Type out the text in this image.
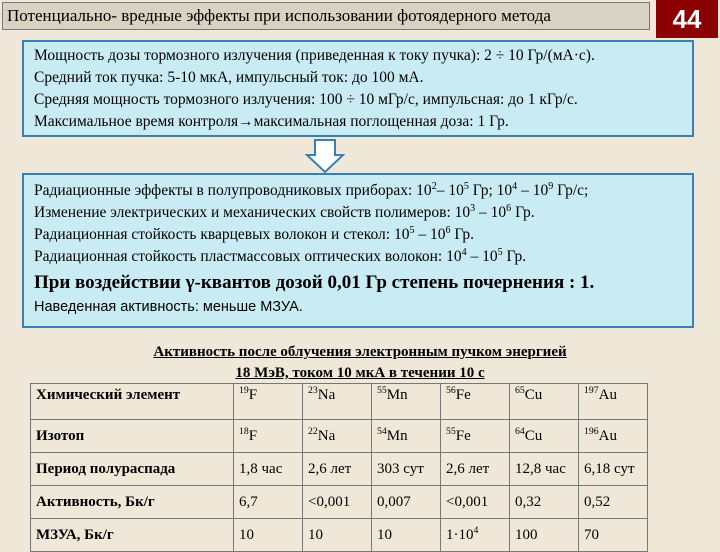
Потенциально- вредные эффекты при использовании фотоядерного метода	44
Мощность дозы тормозного излучения (приведенная к току пучка): 2 ÷ 10 Гр/(мА·с).
Средний ток пучка: 5-10 мкА, импульсный ток: до 100 мА.
Средняя мощность тормозного излучения: 100 ÷ 10 мГр/с, импульсная: до 1 кГр/с.
Максимальное время контроля→максимальная поглощенная доза: 1 Гр.
Радиационные эффекты в полупроводниковых приборах: $10^2-$ $10^5$ Гр; $10^4 - 10^9$ Гр/с;
Изменение электрических и механических свойств полимеров: $10^3 - 10^6$ Гр.
Радиационная стойкость кварцевых волокон и стекол: $10^5 - 10^6$ Гр.
Радиационная стойкость пластмассовых оптических волокон: $10^4 - 10^5$ Гр.
При воздействии γ-квантов дозой 0,01 Гр степень почернения : 1.
Наведенная активность: меньше МЗУА.
Активность после облучения электронным пучком энергией
18 МэВ, током 10 мкА в течении 10 с
Химический элемент	$^{19}$F	$^{23}$Na	$^{55}$Mn	$^{56}$Fe	$^{65}$Cu	$^{197}$Au
Изотоп	$^{18}$F	$^{22}$Na	$^{54}$Mn	$^{55}$Fe	$^{64}$Cu	$^{196}$Au
Период полураспада	1,8 час	2,6 лет	303 сут	2,6 лет	12,8 час	6,18 сут
Активность, Бк/г	6,7	<0,001	0,007	<0,001	0,32	0,52
МЗУА, Бк/г	10	10	10	$1\cdot 10^4$	100	70
